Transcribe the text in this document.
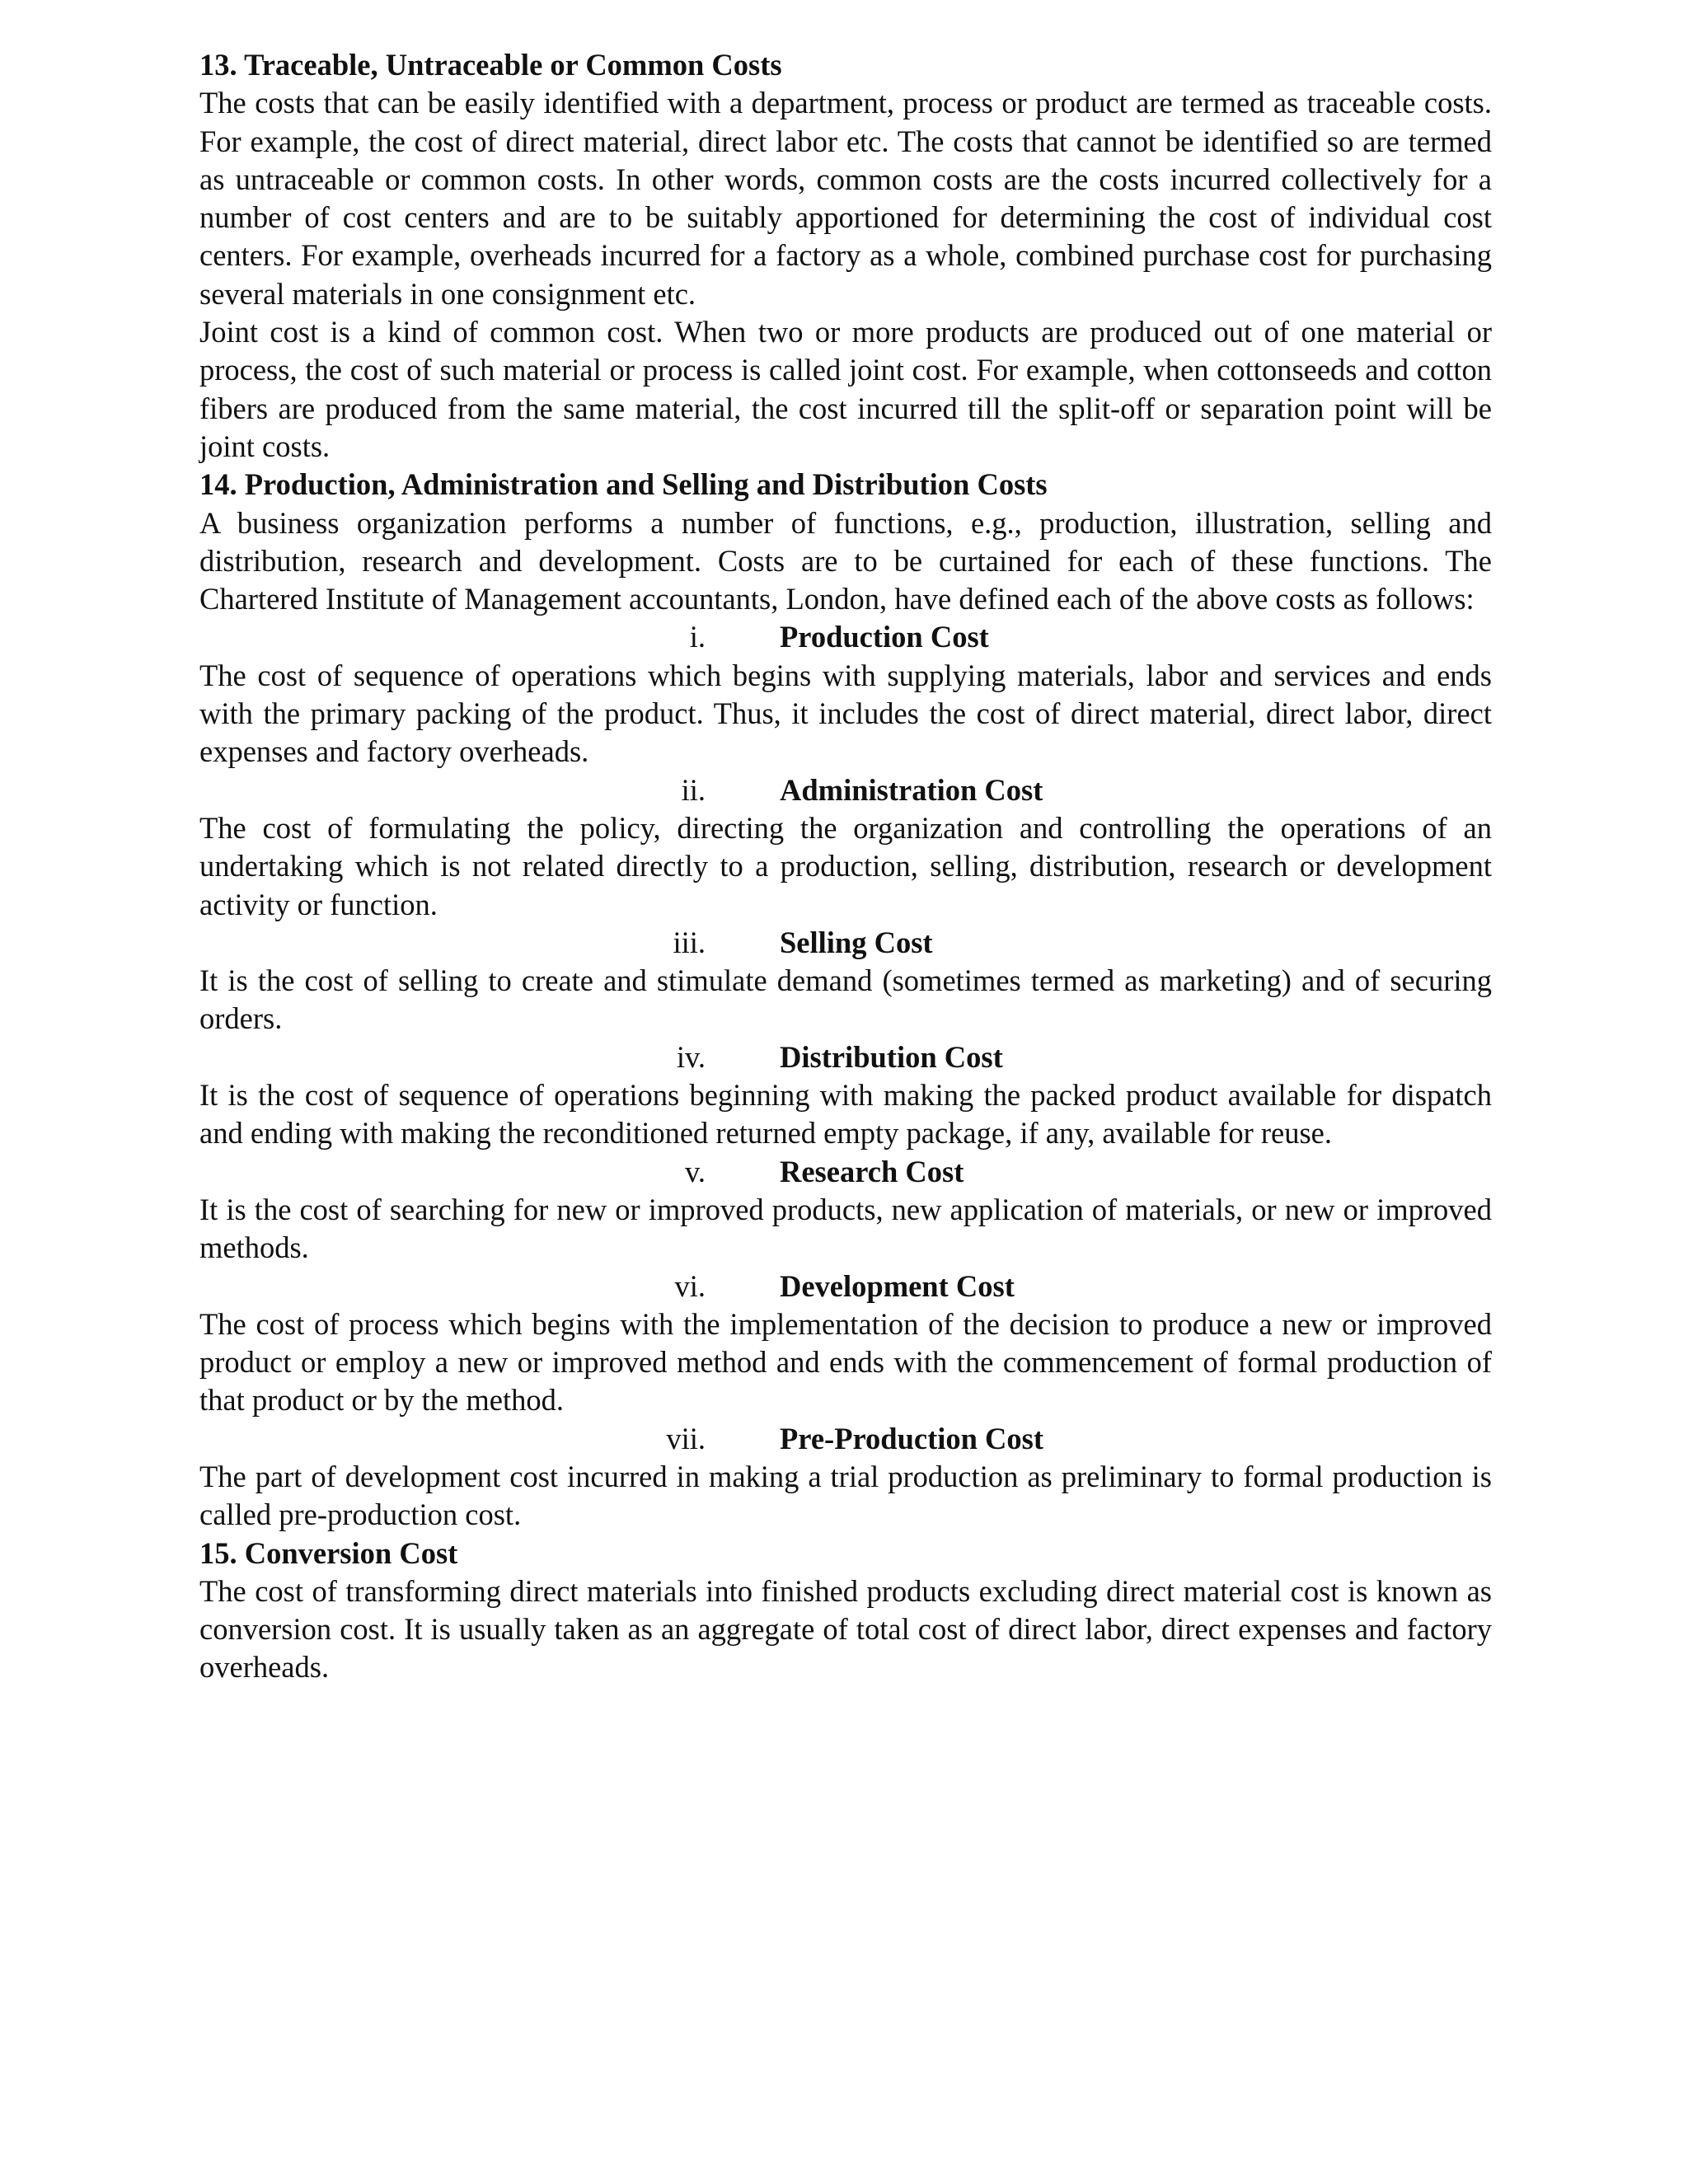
13. Traceable, Untraceable or Common Costs

The costs that can be easily identified with a department, process or product are termed as traceable costs. For example, the cost of direct material, direct labor etc. The costs that cannot be identified so are termed as untraceable or common costs. In other words, common costs are the costs incurred collectively for a number of cost centers and are to be suitably apportioned for determining the cost of individual cost centers. For example, overheads incurred for a factory as a whole, combined purchase cost for purchasing several materials in one consignment etc.

Joint cost is a kind of common cost. When two or more products are produced out of one material or process, the cost of such material or process is called joint cost. For example, when cottonseeds and cotton fibers are produced from the same material, the cost incurred till the split-off or separation point will be joint costs.

14. Production, Administration and Selling and Distribution Costs

A business organization performs a number of functions, e.g., production, illustration, selling and distribution, research and development. Costs are to be curtained for each of these functions. The Chartered Institute of Management accountants, London, have defined each of the above costs as follows:

i.	Production Cost

The cost of sequence of operations which begins with supplying materials, labor and services and ends with the primary packing of the product. Thus, it includes the cost of direct material, direct labor, direct expenses and factory overheads.

ii.	Administration Cost

The cost of formulating the policy, directing the organization and controlling the operations of an undertaking which is not related directly to a production, selling, distribution, research or development activity or function.

iii.	Selling Cost

It is the cost of selling to create and stimulate demand (sometimes termed as marketing) and of securing orders.

iv.	Distribution Cost

It is the cost of sequence of operations beginning with making the packed product available for dispatch and ending with making the reconditioned returned empty package, if any, available for reuse.

v.	Research Cost

It is the cost of searching for new or improved products, new application of materials, or new or improved methods.

vi.	Development Cost

The cost of process which begins with the implementation of the decision to produce a new or improved product or employ a new or improved method and ends with the commencement of formal production of that product or by the method.

vii.	Pre-Production Cost

The part of development cost incurred in making a trial production as preliminary to formal production is called pre-production cost.

15. Conversion Cost

The cost of transforming direct materials into finished products excluding direct material cost is known as conversion cost. It is usually taken as an aggregate of total cost of direct labor, direct expenses and factory overheads.
